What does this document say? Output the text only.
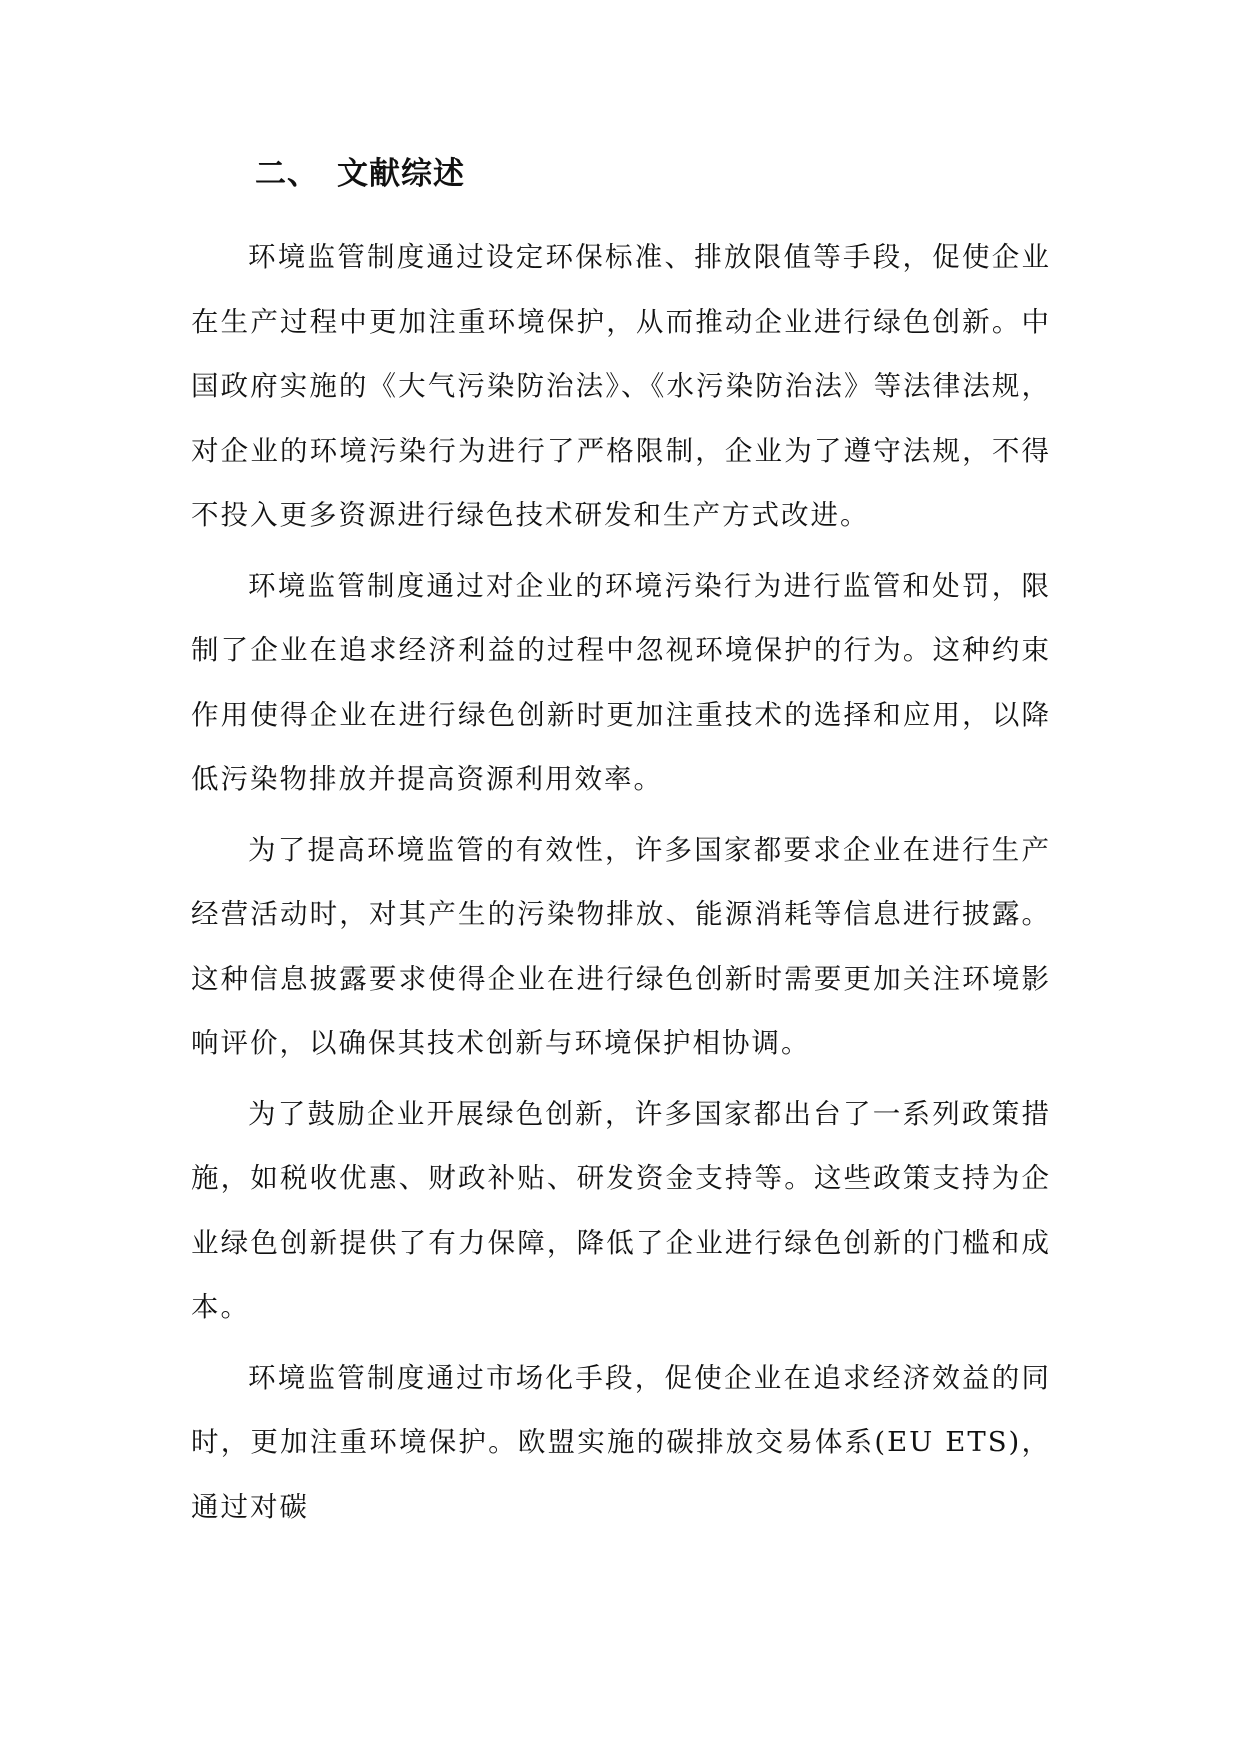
二、 文献综述

环境监管制度通过设定环保标准、排放限值等手段，促使企业在生产过程中更加注重环境保护，从而推动企业进行绿色创新。中国政府实施的《大气污染防治法》、《水污染防治法》等法律法规，对企业的环境污染行为进行了严格限制，企业为了遵守法规，不得不投入更多资源进行绿色技术研发和生产方式改进。

环境监管制度通过对企业的环境污染行为进行监管和处罚，限制了企业在追求经济利益的过程中忽视环境保护的行为。这种约束作用使得企业在进行绿色创新时更加注重技术的选择和应用，以降低污染物排放并提高资源利用效率。

为了提高环境监管的有效性，许多国家都要求企业在进行生产经营活动时，对其产生的污染物排放、能源消耗等信息进行披露。这种信息披露要求使得企业在进行绿色创新时需要更加关注环境影响评价，以确保其技术创新与环境保护相协调。

为了鼓励企业开展绿色创新，许多国家都出台了一系列政策措施，如税收优惠、财政补贴、研发资金支持等。这些政策支持为企业绿色创新提供了有力保障，降低了企业进行绿色创新的门槛和成本。

环境监管制度通过市场化手段，促使企业在追求经济效益的同时，更加注重环境保护。欧盟实施的碳排放交易体系(EU ETS)，通过对碳
